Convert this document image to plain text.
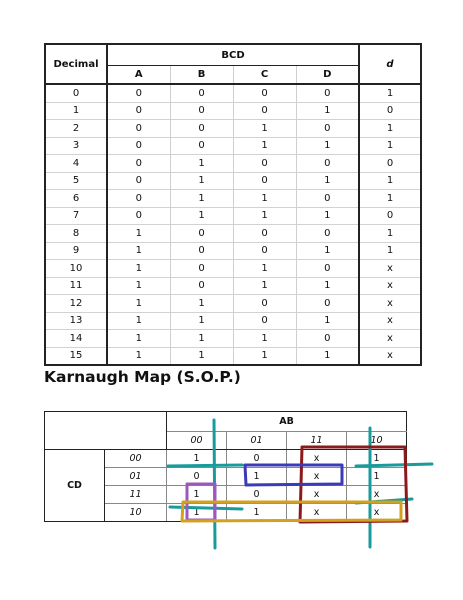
Decimal	BCD				d
	A	B	C	D	
0	0	0	0	0	1
1	0	0	0	1	0
2	0	0	1	0	1
3	0	0	1	1	1
4	0	1	0	0	0
5	0	1	0	1	1
6	0	1	1	0	1
7	0	1	1	1	0
8	1	0	0	0	1
9	1	0	0	1	1
10	1	0	1	0	x
11	1	0	1	1	x
12	1	1	0	0	x
13	1	1	0	1	x
14	1	1	1	0	x
15	1	1	1	1	x
Karnaugh Map (S.O.P.)
		AB			
		00	01	11	10
CD	00	1	0	x	1
	01	0	1	x	1
	11	1	0	x	x
	10	1	1	x	x
